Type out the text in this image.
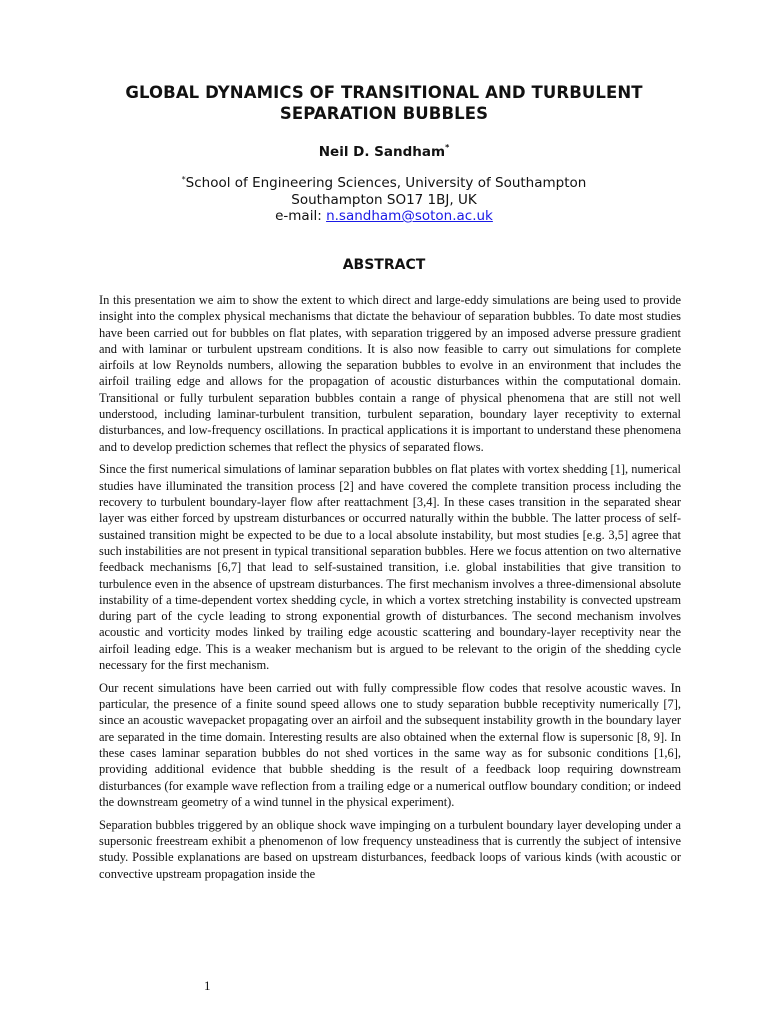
GLOBAL DYNAMICS OF TRANSITIONAL AND TURBULENT
SEPARATION BUBBLES
Neil D. Sandham*
*School of Engineering Sciences, University of Southampton
Southampton SO17 1BJ, UK
e-mail: n.sandham@soton.ac.uk
ABSTRACT

In this presentation we aim to show the extent to which direct and large-eddy simulations are being used to provide insight into the complex physical mechanisms that dictate the behaviour of separation bubbles. To date most studies have been carried out for bubbles on flat plates, with separation triggered by an imposed adverse pressure gradient and with laminar or turbulent upstream conditions. It is also now feasible to carry out simulations for complete airfoils at low Reynolds numbers, allowing the separation bubbles to evolve in an environment that includes the airfoil trailing edge and allows for the propagation of acoustic disturbances within the computational domain. Transitional or fully turbulent separation bubbles contain a range of physical phenomena that are still not well understood, including laminar-turbulent transition, turbulent separation, boundary layer receptivity to external disturbances, and low-frequency oscillations. In practical applications it is important to understand these phenomena and to develop prediction schemes that reflect the physics of separated flows.

Since the first numerical simulations of laminar separation bubbles on flat plates with vortex shedding [1], numerical studies have illuminated the transition process [2] and have covered the complete transition process including the recovery to turbulent boundary-layer flow after reattachment [3,4]. In these cases transition in the separated shear layer was either forced by upstream disturbances or occurred naturally within the bubble. The latter process of self-sustained transition might be expected to be due to a local absolute instability, but most studies [e.g. 3,5] agree that such instabilities are not present in typical transitional separation bubbles. Here we focus attention on two alternative feedback mechanisms [6,7] that lead to self-sustained transition, i.e. global instabilities that give transition to turbulence even in the absence of upstream disturbances. The first mechanism involves a three-dimensional absolute instability of a time-dependent vortex shedding cycle, in which a vortex stretching instability is convected upstream during part of the cycle leading to strong exponential growth of disturbances. The second mechanism involves acoustic and vorticity modes linked by trailing edge acoustic scattering and boundary-layer receptivity near the airfoil leading edge. This is a weaker mechanism but is argued to be relevant to the origin of the shedding cycle necessary for the first mechanism.

Our recent simulations have been carried out with fully compressible flow codes that resolve acoustic waves. In particular, the presence of a finite sound speed allows one to study separation bubble receptivity numerically [7], since an acoustic wavepacket propagating over an airfoil and the subsequent instability growth in the boundary layer are separated in the time domain. Interesting results are also obtained when the external flow is supersonic [8, 9]. In these cases laminar separation bubbles do not shed vortices in the same way as for subsonic conditions [1,6], providing additional evidence that bubble shedding is the result of a feedback loop requiring downstream disturbances (for example wave reflection from a trailing edge or a numerical outflow boundary condition; or indeed the downstream geometry of a wind tunnel in the physical experiment).

Separation bubbles triggered by an oblique shock wave impinging on a turbulent boundary layer developing under a supersonic freestream exhibit a phenomenon of low frequency unsteadiness that is currently the subject of intensive study. Possible explanations are based on upstream disturbances, feedback loops of various kinds (with acoustic or convective upstream propagation inside the

1
